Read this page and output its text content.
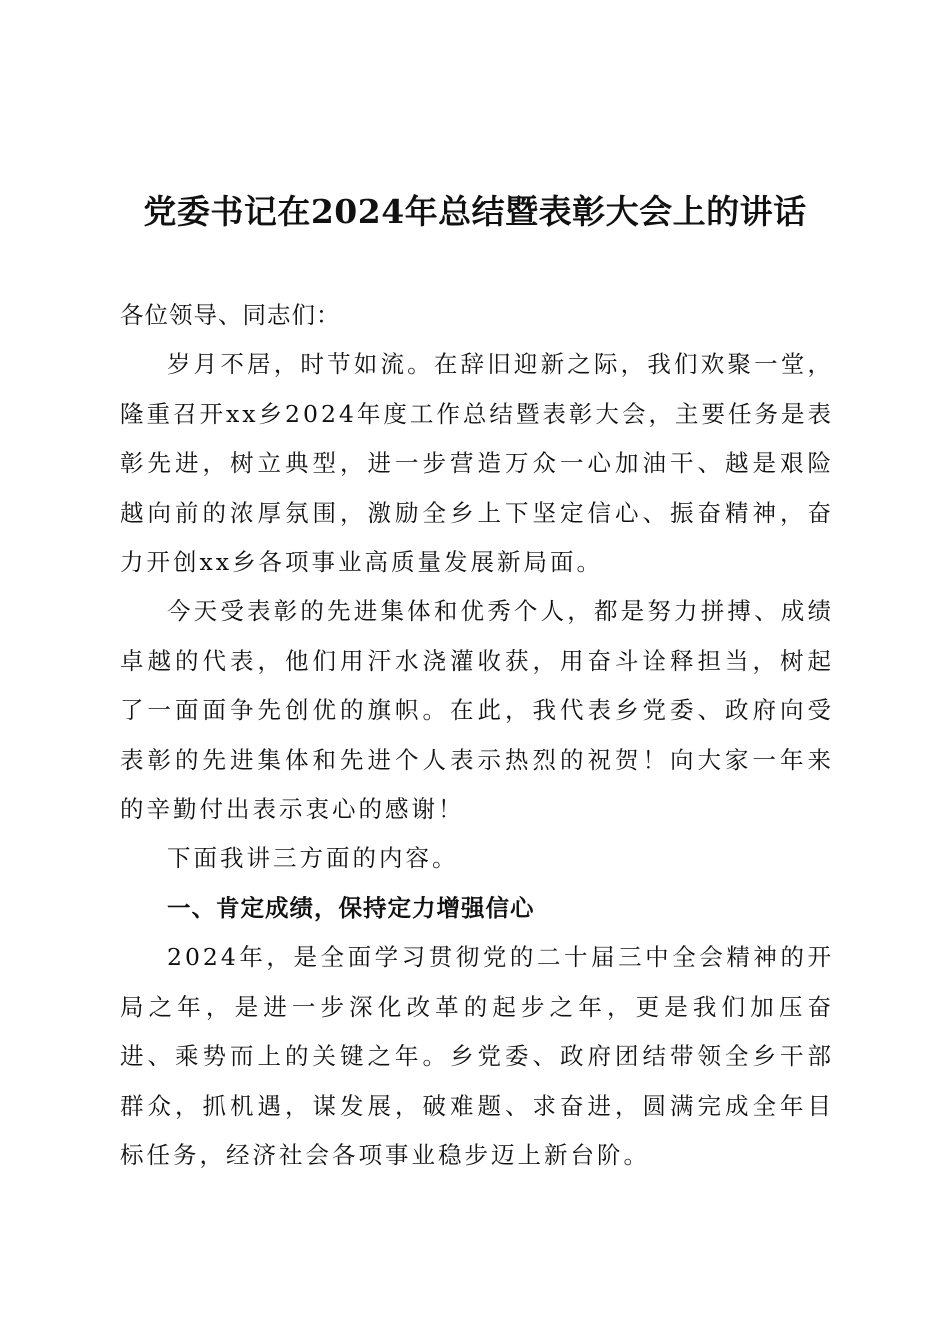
党委书记在2024年总结暨表彰大会上的讲话

各位领导、同志们：

岁月不居，时节如流。在辞旧迎新之际，我们欢聚一堂，隆重召开xx乡2024年度工作总结暨表彰大会，主要任务是表彰先进，树立典型，进一步营造万众一心加油干、越是艰险越向前的浓厚氛围，激励全乡上下坚定信心、振奋精神，奋力开创xx乡各项事业高质量发展新局面。

今天受表彰的先进集体和优秀个人，都是努力拼搏、成绩卓越的代表，他们用汗水浇灌收获，用奋斗诠释担当，树起了一面面争先创优的旗帜。在此，我代表乡党委、政府向受表彰的先进集体和先进个人表示热烈的祝贺！向大家一年来的辛勤付出表示衷心的感谢！

下面我讲三方面的内容。

一、肯定成绩，保持定力增强信心

2024年，是全面学习贯彻党的二十届三中全会精神的开局之年，是进一步深化改革的起步之年，更是我们加压奋进、乘势而上的关键之年。乡党委、政府团结带领全乡干部群众，抓机遇，谋发展，破难题、求奋进，圆满完成全年目标任务，经济社会各项事业稳步迈上新台阶。
